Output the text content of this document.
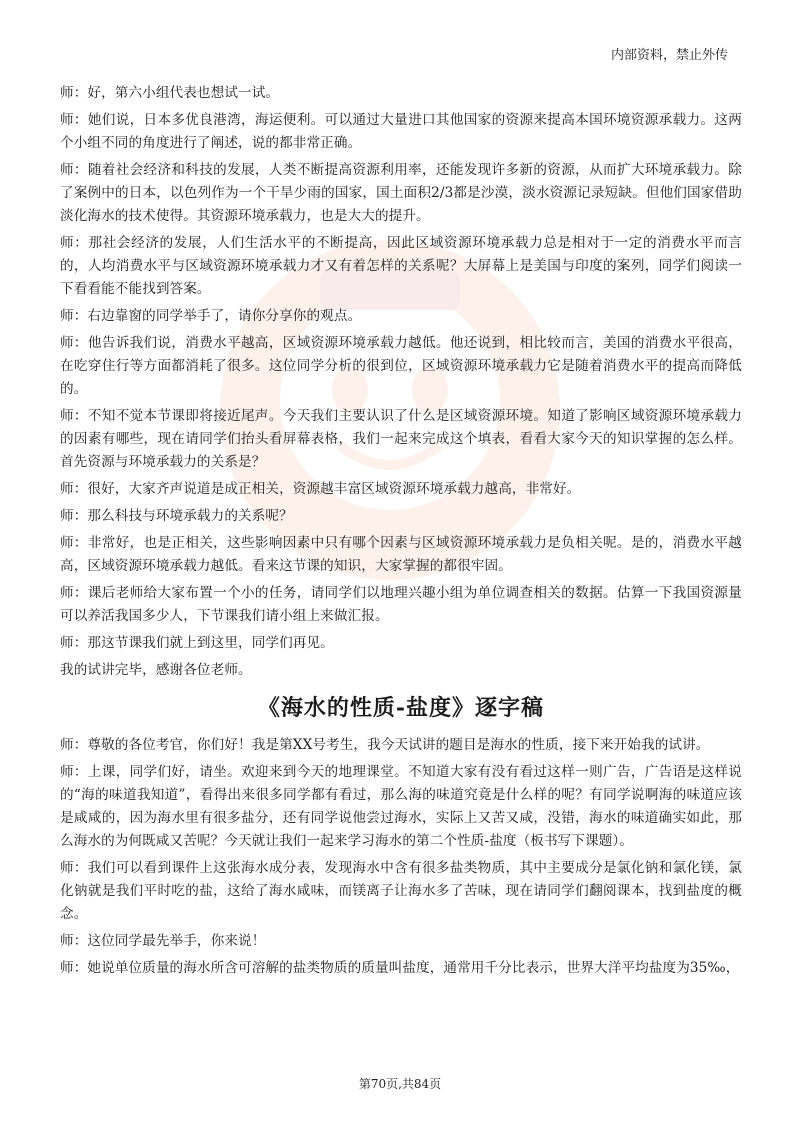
内部资料，禁止外传

师：好，第六小组代表也想试一试。

师：她们说，日本多优良港湾，海运便利。可以通过大量进口其他国家的资源来提高本国环境资源承载力。这两个小组不同的角度进行了阐述，说的都非常正确。

师：随着社会经济和科技的发展，人类不断提高资源利用率，还能发现许多新的资源，从而扩大环境承载力。除了案例中的日本，以色列作为一个干旱少雨的国家，国土面积2/3都是沙漠，淡水资源记录短缺。但他们国家借助淡化海水的技术使得。其资源环境承载力，也是大大的提升。

师：那社会经济的发展，人们生活水平的不断提高，因此区域资源环境承载力总是相对于一定的消费水平而言的，人均消费水平与区域资源环境承载力才又有着怎样的关系呢？大屏幕上是美国与印度的案列，同学们阅读一下看看能不能找到答案。

师：右边靠窗的同学举手了，请你分享你的观点。

师：他告诉我们说，消费水平越高，区域资源环境承载力越低。他还说到，相比较而言，美国的消费水平很高，在吃穿住行等方面都消耗了很多。这位同学分析的很到位，区域资源环境承载力它是随着消费水平的提高而降低的。

师：不知不觉本节课即将接近尾声。今天我们主要认识了什么是区域资源环境。知道了影响区域资源环境承载力的因素有哪些，现在请同学们抬头看屏幕表格，我们一起来完成这个填表，看看大家今天的知识掌握的怎么样。首先资源与环境承载力的关系是？

师：很好，大家齐声说道是成正相关，资源越丰富区域资源环境承载力越高，非常好。

师：那么科技与环境承载力的关系呢？

师：非常好，也是正相关，这些影响因素中只有哪个因素与区域资源环境承载力是负相关呢。是的，消费水平越高，区域资源环境承载力越低。看来这节课的知识，大家掌握的都很牢固。

师：课后老师给大家布置一个小的任务，请同学们以地理兴趣小组为单位调查相关的数据。估算一下我国资源量可以养活我国多少人，下节课我们请小组上来做汇报。

师：那这节课我们就上到这里，同学们再见。

我的试讲完毕，感谢各位老师。

《海水的性质-盐度》逐字稿

师：尊敬的各位考官，你们好！我是第XX号考生，我今天试讲的题目是海水的性质，接下来开始我的试讲。

师：上课，同学们好，请坐。欢迎来到今天的地理课堂。不知道大家有没有看过这样一则广告，广告语是这样说的“海的味道我知道”，看得出来很多同学都有看过，那么海的味道究竟是什么样的呢？有同学说啊海的味道应该是咸咸的，因为海水里有很多盐分，还有同学说他尝过海水，实际上又苦又咸，没错，海水的味道确实如此，那么海水的为何既咸又苦呢？今天就让我们一起来学习海水的第二个性质-盐度（板书写下课题）。

师：我们可以看到课件上这张海水成分表，发现海水中含有很多盐类物质，其中主要成分是氯化钠和氯化镁，氯化钠就是我们平时吃的盐，这给了海水咸味，而镁离子让海水多了苦味，现在请同学们翻阅课本，找到盐度的概念。

师：这位同学最先举手，你来说！

师：她说单位质量的海水所含可溶解的盐类物质的质量叫盐度，通常用千分比表示，世界大洋平均盐度为35‰，

第70页,共84页
